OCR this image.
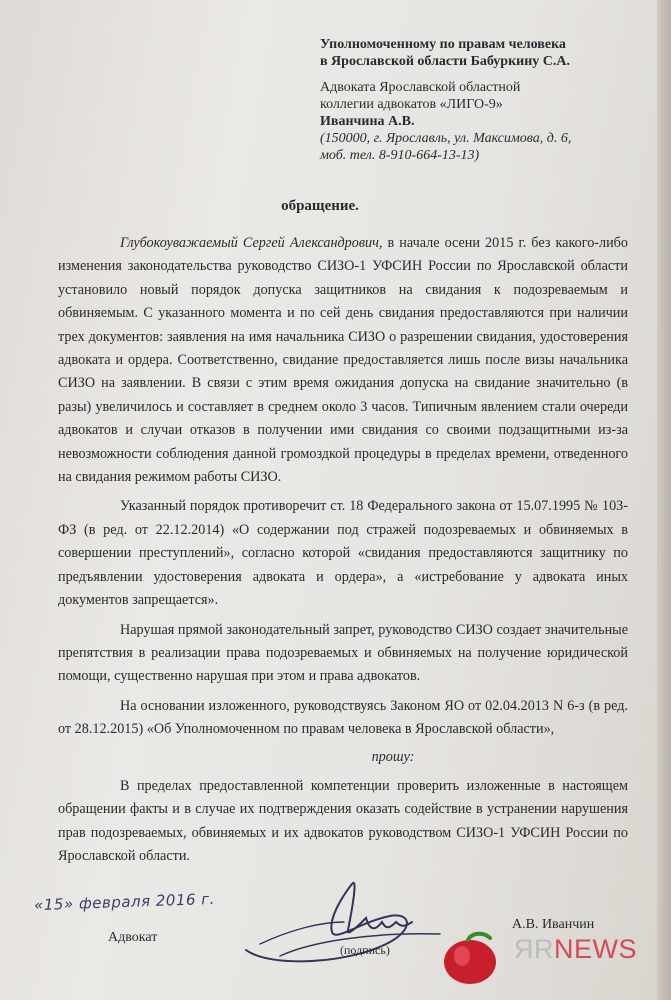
Уполномоченному по правам человека
в Ярославской области Бабуркину С.А.
Адвоката Ярославской областной
коллегии адвокатов «ЛИГО-9»
Иванчина А.В.
(150000, г. Ярославль, ул. Максимова, д. 6,
моб. тел. 8-910-664-13-13)
обращение.

Глубокоуважаемый Сергей Александрович, в начале осени 2015 г. без какого-либо изменения законодательства руководство СИЗО-1 УФСИН России по Ярославской области установило новый порядок допуска защитников на свидания к подозреваемым и обвиняемым. С указанного момента и по сей день свидания предоставляются при наличии трех документов: заявления на имя начальника СИЗО о разрешении свидания, удостоверения адвоката и ордера. Соответственно, свидание предоставляется лишь после визы начальника СИЗО на заявлении. В связи с этим время ожидания допуска на свидание значительно (в разы) увеличилось и составляет в среднем около 3 часов. Типичным явлением стали очереди адвокатов и случаи отказов в получении ими свидания со своими подзащитными из-за невозможности соблюдения данной громоздкой процедуры в пределах времени, отведенного на свидания режимом работы СИЗО.

Указанный порядок противоречит ст. 18 Федерального закона от 15.07.1995 № 103-ФЗ (в ред. от 22.12.2014) «О содержании под стражей подозреваемых и обвиняемых в совершении преступлений», согласно которой «свидания предоставляются защитнику по предъявлении удостоверения адвоката и ордера», а «истребование у адвоката иных документов запрещается».

Нарушая прямой законодательный запрет, руководство СИЗО создает значительные препятствия в реализации права подозреваемых и обвиняемых на получение юридической помощи, существенно нарушая при этом и права адвокатов.

На основании изложенного, руководствуясь Законом ЯО от 02.04.2013 N 6-з (в ред. от 28.12.2015) «Об Уполномоченном по правам человека в Ярославской области»,

прошу:

В пределах предоставленной компетенции проверить изложенные в настоящем обращении факты и в случае их подтверждения оказать содействие в устранении нарушения прав подозреваемых, обвиняемых и их адвокатов руководством СИЗО-1 УФСИН России по Ярославской области.

«15» февраля 2016 г.
Адвокат
(подпись)
А.В. Иванчин
ЯRNEWS
